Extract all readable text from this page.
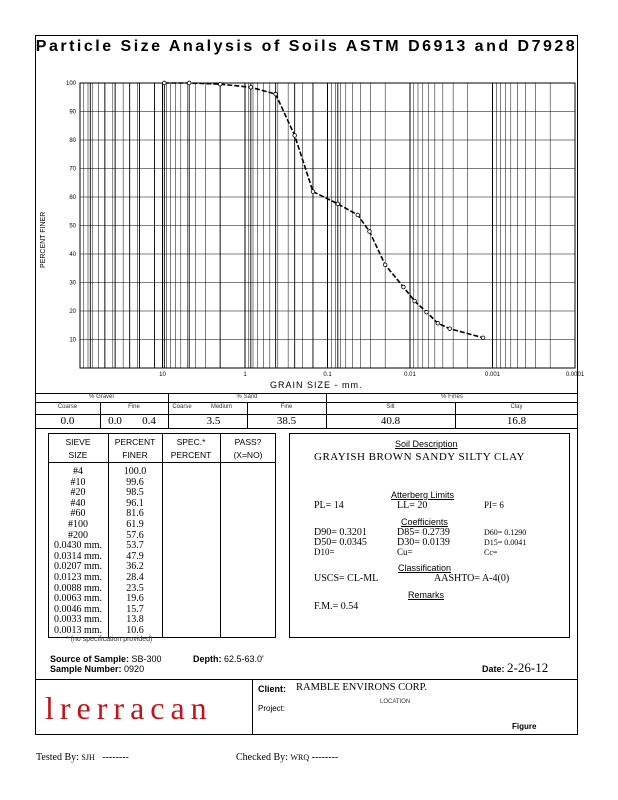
Particle Size Analysis of Soils ASTM D6913 and D7928
100
90
80
70
60
50
40
30
20
10
10	1	0.1	0.01	0.001	0.0001
PERCENT FINER
GRAIN SIZE - mm.
% Gravel	% Sand	% Fines
Coarse	Fine	Coarse	Medium	Fine	Silt	Clay
0.0	0.0	0.4	3.5	38.5	40.8	16.8
SIEVE
SIZE
PERCENT
FINER
SPEC.*
PERCENT
PASS?
(X=NO)
#4	100.0
#10	99.6
#20	98.5
#40	96.1
#60	81.6
#100	61.9
#200	57.6
0.0430 mm.	53.7
0.0314 mm.	47.9
0.0207 mm.	36.2
0.0123 mm.	28.4
0.0088 mm.	23.5
0.0063 mm.	19.6
0.0046 mm.	15.7
0.0033 mm.	13.8
0.0013 mm.	10.6
* (no specification provided)
Soil Description
GRAYISH BROWN SANDY SILTY CLAY
Atterberg Limits
PL= 14	LL= 20	PI= 6
Coefficients
D90= 0.3201	D85= 0.2739	D60= 0.1290
D50= 0.0345	D30= 0.0139	D15= 0.0041
D10=	Cu=	Cc=
Classification
USCS= CL-ML	AASHTO= A-4(0)
Remarks
F.M.= 0.54
Source of Sample: SB-300	Depth: 62.5-63.0'
Sample Number: 0920	Date: 2-26-12
lrerracan
Client: RAMBLE ENVIRONS CORP.
Project:
LOCATION
Figure
Tested By: SJH   --------	Checked By: WRQ --------
